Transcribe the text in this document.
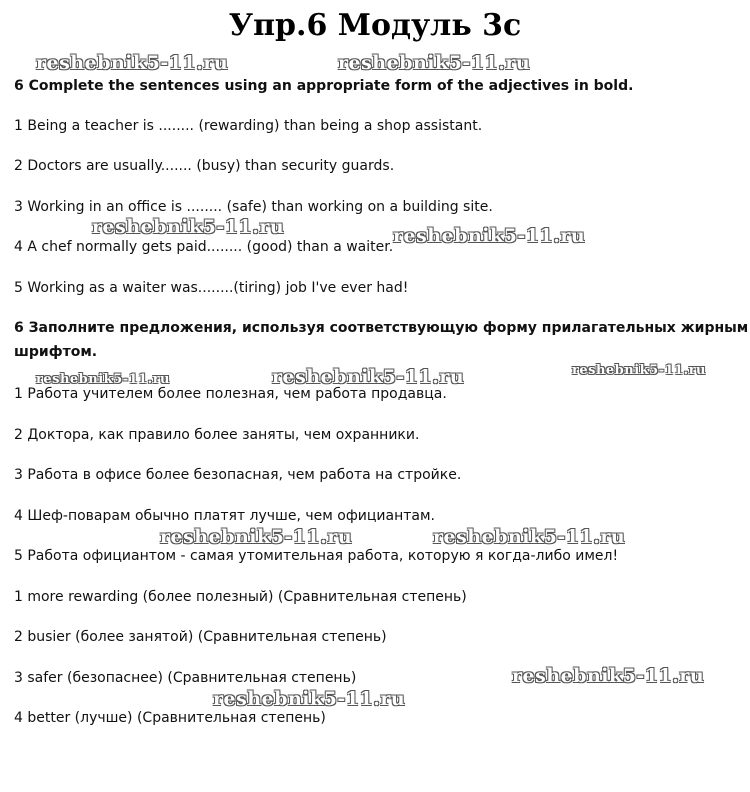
Упр.6 Модуль 3с
reshebnik5-11.ru	reshebnik5-11.ru
reshebnik5-11.ru	reshebnik5-11.ru
reshebnik5-11.ru	reshebnik5-11.ru	reshebnik5-11.ru
reshebnik5-11.ru	reshebnik5-11.ru
reshebnik5-11.ru
reshebnik5-11.ru
6 Complete the sentences using an appropriate form of the adjectives in bold.
1 Being a teacher is ........ (rewarding) than being a shop assistant.
2 Doctors are usually....... (busy) than security guards.
3 Working in an office is ........ (safe) than working on a building site.
4 A chef normally gets paid........ (good) than a waiter.
5 Working as a waiter was........(tiring) job I've ever had!
6 Заполните предложения, используя соответствующую форму прилагательных жирным
шрифтом.
1 Работа учителем более полезная, чем работа продавца.
2 Доктора, как правило более заняты, чем охранники.
3 Работа в офисе более безопасная, чем работа на стройке.
4 Шеф-поварам обычно платят лучше, чем официантам.
5 Работа официантом - самая утомительная работа, которую я когда-либо имел!
1 more rewarding (более полезный) (Сравнительная степень)
2 busier (более занятой) (Сравнительная степень)
3 safer (безопаснее) (Сравнительная степень)
4 better (лучше) (Сравнительная степень)
